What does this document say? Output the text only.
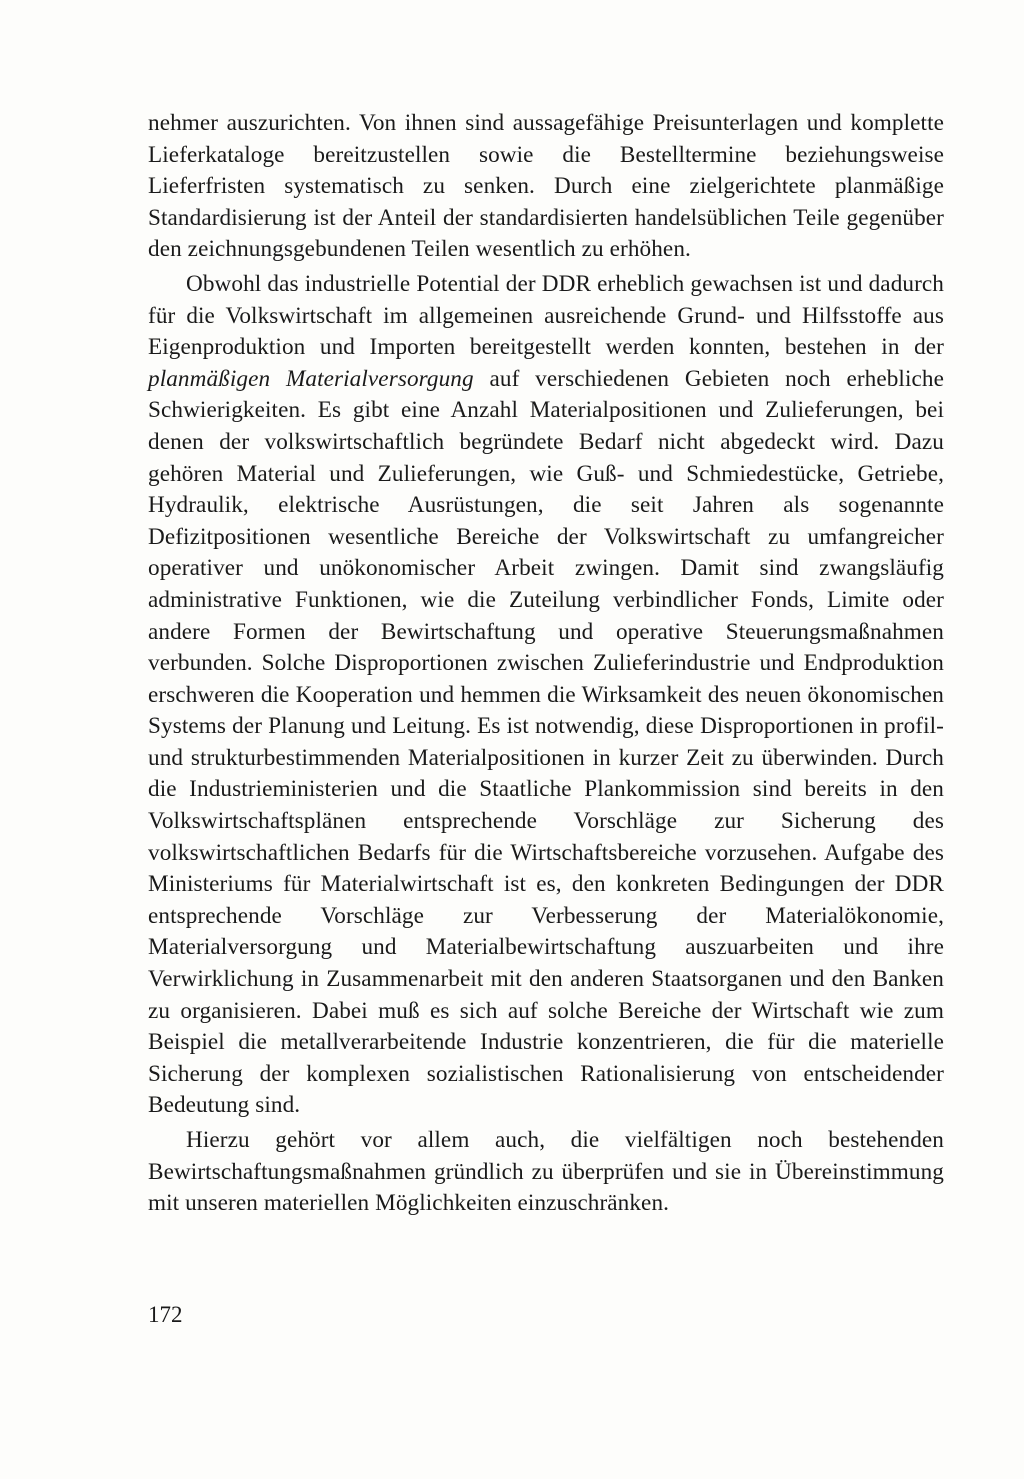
nehmer auszurichten. Von ihnen sind aussagefähige Preisunterlagen und komplette Lieferkataloge bereitzustellen sowie die Bestelltermine beziehungsweise Lieferfristen systematisch zu senken. Durch eine zielgerichtete planmäßige Standardisierung ist der Anteil der standardisierten handelsüblichen Teile gegenüber den zeichnungsgebundenen Teilen wesentlich zu erhöhen.

Obwohl das industrielle Potential der DDR erheblich gewachsen ist und dadurch für die Volkswirtschaft im allgemeinen ausreichende Grund- und Hilfsstoffe aus Eigenproduktion und Importen bereitgestellt werden konnten, bestehen in der planmäßigen Materialversorgung auf verschiedenen Gebieten noch erhebliche Schwierigkeiten. Es gibt eine Anzahl Materialpositionen und Zulieferungen, bei denen der volkswirtschaftlich begründete Bedarf nicht abgedeckt wird. Dazu gehören Material und Zulieferungen, wie Guß- und Schmiedestücke, Getriebe, Hydraulik, elektrische Ausrüstungen, die seit Jahren als sogenannte Defizitpositionen wesentliche Bereiche der Volkswirtschaft zu umfangreicher operativer und unökonomischer Arbeit zwingen. Damit sind zwangsläufig administrative Funktionen, wie die Zuteilung verbindlicher Fonds, Limite oder andere Formen der Bewirtschaftung und operative Steuerungsmaßnahmen verbunden. Solche Disproportionen zwischen Zulieferindustrie und Endproduktion erschweren die Kooperation und hemmen die Wirksamkeit des neuen ökonomischen Systems der Planung und Leitung. Es ist notwendig, diese Disproportionen in profil- und strukturbestimmenden Materialpositionen in kurzer Zeit zu überwinden. Durch die Industrieministerien und die Staatliche Plankommission sind bereits in den Volkswirtschaftsplänen entsprechende Vorschläge zur Sicherung des volkswirtschaftlichen Bedarfs für die Wirtschaftsbereiche vorzusehen. Aufgabe des Ministeriums für Materialwirtschaft ist es, den konkreten Bedingungen der DDR entsprechende Vorschläge zur Verbesserung der Materialökonomie, Materialversorgung und Materialbewirtschaftung auszuarbeiten und ihre Verwirklichung in Zusammenarbeit mit den anderen Staatsorganen und den Banken zu organisieren. Dabei muß es sich auf solche Bereiche der Wirtschaft wie zum Beispiel die metallverarbeitende Industrie konzentrieren, die für die materielle Sicherung der komplexen sozialistischen Rationalisierung von entscheidender Bedeutung sind.

Hierzu gehört vor allem auch, die vielfältigen noch bestehenden Bewirtschaftungsmaßnahmen gründlich zu überprüfen und sie in Übereinstimmung mit unseren materiellen Möglichkeiten einzuschränken.

172
